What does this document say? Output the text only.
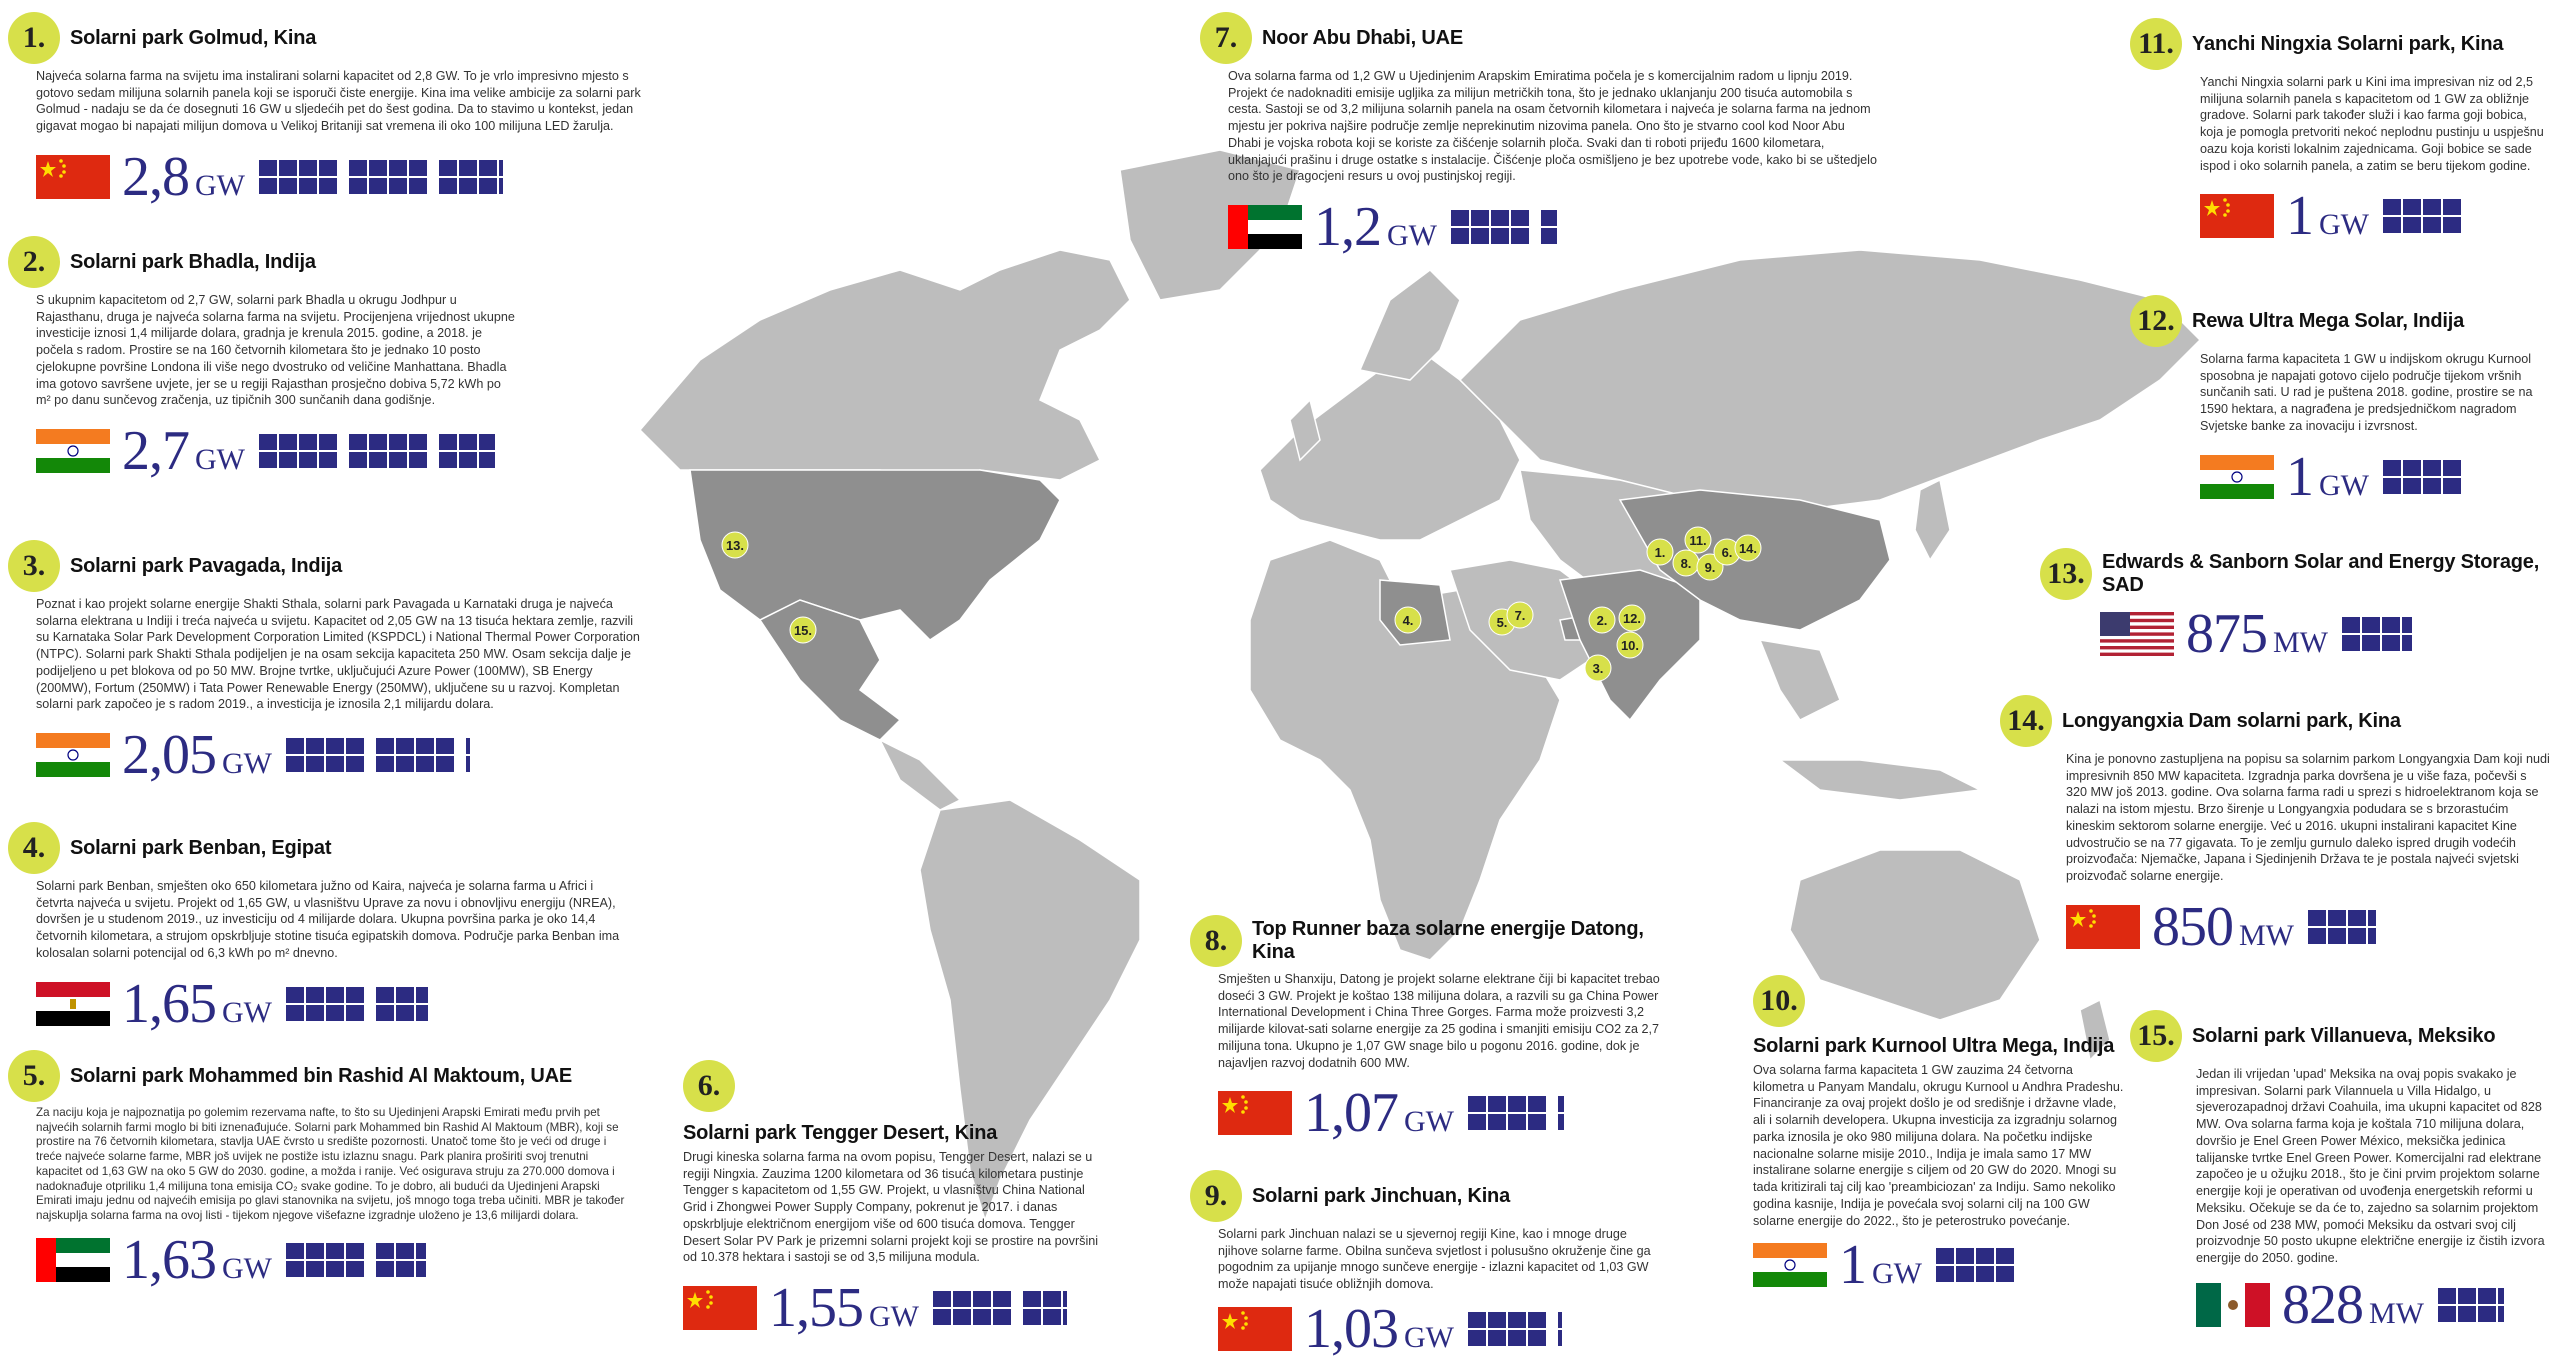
13.
15.
4.	5. 7.	2. 12.
10.
3.
1.
11.
8. 9.
6. 14.
1.	Solarni park Golmud, Kina
Najveća solarna farma na svijetu ima instalirani solarni kapacitet od 2,8 GW. To je vrlo impresivno mjesto s gotovo sedam milijuna solarnih panela koji se isporuči čiste energije. Kina ima velike ambicije za solarni park Golmud - nadaju se da će dosegnuti 16 GW u sljedećih pet do šest godina. Da to stavimo u kontekst, jedan gigavat mogao bi napajati milijun domova u Velikoj Britaniji sat vremena ili oko 100 milijuna LED žarulja.
2,8 GW
2.	Solarni park Bhadla, Indija
S ukupnim kapacitetom od 2,7 GW, solarni park Bhadla u okrugu Jodhpur u Rajasthanu, druga je najveća solarna farma na svijetu. Procijenjena vrijednost ukupne investicije iznosi 1,4 milijarde dolara, gradnja je krenula 2015. godine, a 2018. je počela s radom. Prostire se na 160 četvornih kilometara što je jednako 10 posto cjelokupne površine Londona ili više nego dvostruko od veličine Manhattana. Bhadla ima gotovo savršene uvjete, jer se u regiji Rajasthan prosječno dobiva 5,72 kWh po m² po danu sunčevog zračenja, uz tipičnih 300 sunčanih dana godišnje.
2,7 GW
3.	Solarni park Pavagada, Indija
Poznat i kao projekt solarne energije Shakti Sthala, solarni park Pavagada u Karnataki druga je najveća solarna elektrana u Indiji i treća najveća u svijetu. Kapacitet od 2,05 GW na 13 tisuća hektara zemlje, razvili su Karnataka Solar Park Development Corporation Limited (KSPDCL) i National Thermal Power Corporation (NTPC). Solarni park Shakti Sthala podijeljen je na osam sekcija kapaciteta 250 MW. Osam sekcija dalje je podijeljeno u pet blokova od po 50 MW. Brojne tvrtke, uključujući Azure Power (100MW), SB Energy (200MW), Fortum (250MW) i Tata Power Renewable Energy (250MW), uključene su u razvoj. Kompletan solarni park započeo je s radom 2019., a investicija je iznosila 2,1 milijardu dolara.
2,05 GW
4.	Solarni park Benban, Egipat
Solarni park Benban, smješten oko 650 kilometara južno od Kaira, najveća je solarna farma u Africi i četvrta najveća u svijetu. Projekt od 1,65 GW, u vlasništvu Uprave za novu i obnovljivu energiju (NREA), dovršen je u studenom 2019., uz investiciju od 4 milijarde dolara. Ukupna površina parka je oko 14,4 četvornih kilometara, a strujom opskrbljuje stotine tisuća egipatskih domova. Područje parka Benban ima kolosalan solarni potencijal od 6,3 kWh po m² dnevno.
1,65 GW
5.	Solarni park Mohammed bin Rashid Al Maktoum, UAE
Za naciju koja je najpoznatija po golemim rezervama nafte, to što su Ujedinjeni Arapski Emirati među prvih pet najvećih solarnih farmi moglo bi biti iznenađujuće. Solarni park Mohammed bin Rashid Al Maktoum (MBR), koji se prostire na 76 četvornih kilometara, stavlja UAE čvrsto u središte pozornosti. Unatoč tome što je veći od druge i treće najveće solarne farme, MBR još uvijek ne postiže istu izlaznu snagu. Park planira proširiti svoj trenutni kapacitet od 1,63 GW na oko 5 GW do 2030. godine, a možda i ranije. Već osigurava struju za 270.000 domova i nadoknađuje otpriliku 1,4 milijuna tona emisija CO₂ svake godine. To je dobro, ali budući da Ujedinjeni Arapski Emirati imaju jednu od najvećih emisija po glavi stanovnika na svijetu, još mnogo toga treba učiniti. MBR je također najskuplja solarna farma na ovoj listi - tijekom njegove višefazne izgradnje uloženo je 13,6 milijardi dolara.
1,63 GW
6.
Solarni park Tengger Desert, Kina
Drugi kineska solarna farma na ovom popisu, Tengger Desert, nalazi se u regiji Ningxia. Zauzima 1200 kilometara od 36 tisuća kilometara pustinje Tengger s kapacitetom od 1,55 GW. Projekt, u vlasništvu China National Grid i Zhongwei Power Supply Company, pokrenut je 2017. i danas opskrbljuje električnom energijom više od 600 tisuća domova. Tengger Desert Solar PV Park je prizemni solarni projekt koji se prostire na površini od 10.378 hektara i sastoji se od 3,5 milijuna modula.
1,55 GW
7.	Noor Abu Dhabi, UAE
Ova solarna farma od 1,2 GW u Ujedinjenim Arapskim Emiratima počela je s komercijalnim radom u lipnju 2019. Projekt će nadoknaditi emisije ugljika za milijun metričkih tona, što je jednako uklanjanju 200 tisuća automobila s cesta. Sastoji se od 3,2 milijuna solarnih panela na osam četvornih kilometara i najveća je solarna farma na jednom mjestu jer pokriva najšire područje zemlje neprekinutim nizovima panela. Ono što je stvarno cool kod Noor Abu Dhabi je vojska robota koji se koriste za čišćenje solarnih ploča. Svaki dan ti roboti prijeđu 1600 kilometara, uklanjajući prašinu i druge ostatke s instalacije. Čišćenje ploča osmišljeno je bez upotrebe vode, kako bi se uštedjelo ono što je dragocjeni resurs u ovoj pustinjskoj regiji.
1,2 GW
8.	Top Runner baza solarne energije Datong, Kina
Smješten u Shanxiju, Datong je projekt solarne elektrane čiji bi kapacitet trebao doseći 3 GW. Projekt je koštao 138 milijuna dolara, a razvili su ga China Power International Development i China Three Gorges. Farma može proizvesti 3,2 milijarde kilovat-sati solarne energije za 25 godina i smanjiti emisiju CO2 za 2,7 milijuna tona. Ukupno je 1,07 GW snage bilo u pogonu 2016. godine, dok je najavljen razvoj dodatnih 600 MW.
1,07 GW
9.	Solarni park Jinchuan, Kina
Solarni park Jinchuan nalazi se u sjevernoj regiji Kine, kao i mnoge druge njihove solarne farme. Obilna sunčeva svjetlost i polusušno okruženje čine ga pogodnim za upijanje mnogo sunčeve energije - izlazni kapacitet od 1,03 GW može napajati tisuće obližnjih domova.
1,03 GW
10.
Solarni park Kurnool Ultra Mega, Indija
Ova solarna farma kapaciteta 1 GW zauzima 24 četvorna kilometra u Panyam Mandalu, okrugu Kurnool u Andhra Pradeshu. Financiranje za ovaj projekt došlo je od središnje i državne vlade, ali i solarnih developera. Ukupna investicija za izgradnju solarnog parka iznosila je oko 980 milijuna dolara. Na početku indijske nacionalne solarne misije 2010., Indija je imala samo 17 MW instalirane solarne energije s ciljem od 20 GW do 2020. Mnogi su tada kritizirali taj cilj kao 'preambiciozan' za Indiju. Samo nekoliko godina kasnije, Indija je povećala svoj solarni cilj na 100 GW solarne energije do 2022., što je peterostruko povećanje.
1 GW
11. Yanchi Ningxia Solarni park, Kina
Yanchi Ningxia solarni park u Kini ima impresivan niz od 2,5 milijuna solarnih panela s kapacitetom od 1 GW za obližnje gradove. Solarni park također služi i kao farma goji bobica, koja je pomogla pretvoriti nekoć neplodnu pustinju u uspješnu oazu koja koristi lokalnim zajednicama. Goji bobice se sade ispod i oko solarnih panela, a zatim se beru tijekom godine.
1 GW
12. Rewa Ultra Mega Solar, Indija
Solarna farma kapaciteta 1 GW u indijskom okrugu Kurnool sposobna je napajati gotovo cijelo područje tijekom vršnih sunčanih sati. U rad je puštena 2018. godine, prostire se na 1590 hektara, a nagrađena je predsjedničkom nagradom Svjetske banke za inovaciju i izvrsnost.
1 GW
13. Edwards & Sanborn Solar and Energy Storage, SAD
875 MW
14. Longyangxia Dam solarni park, Kina
Kina je ponovno zastupljena na popisu sa solarnim parkom Longyangxia Dam koji nudi impresivnih 850 MW kapaciteta. Izgradnja parka dovršena je u više faza, počevši s 320 MW još 2013. godine. Ova solarna farma radi u sprezi s hidroelektranom koja se nalazi na istom mjestu. Brzo širenje u Longyangxia podudara se s brzorastućim kineskim sektorom solarne energije. Već u 2016. ukupni instalirani kapacitet Kine udvostručio se na 77 gigavata. To je zemlju gurnulo daleko ispred drugih vodećih proizvođača: Njemačke, Japana i Sjedinjenih Država te je postala najveći svjetski proizvođač solarne energije.
850 MW
15. Solarni park Villanueva, Meksiko
Jedan ili vrijedan 'upad' Meksika na ovaj popis svakako je impresivan. Solarni park Vilannuela u Villa Hidalgo, u sjeverozapadnoj državi Coahuila, ima ukupni kapacitet od 828 MW. Ova solarna farma koja je koštala 710 milijuna dolara, dovršio je Enel Green Power México, meksička jedinica talijanske tvrtke Enel Green Power. Komercijalni rad elektrane započeo je u ožujku 2018., što je čini prvim projektom solarne energije koji je operativan od uvođenja energetskih reformi u Meksiku. Očekuje se da će to, zajedno sa solarnim projektom Don José od 238 MW, pomoći Meksiku da ostvari svoj cilj proizvodnje 50 posto ukupne električne energije iz čistih izvora energije do 2050. godine.
828 MW
